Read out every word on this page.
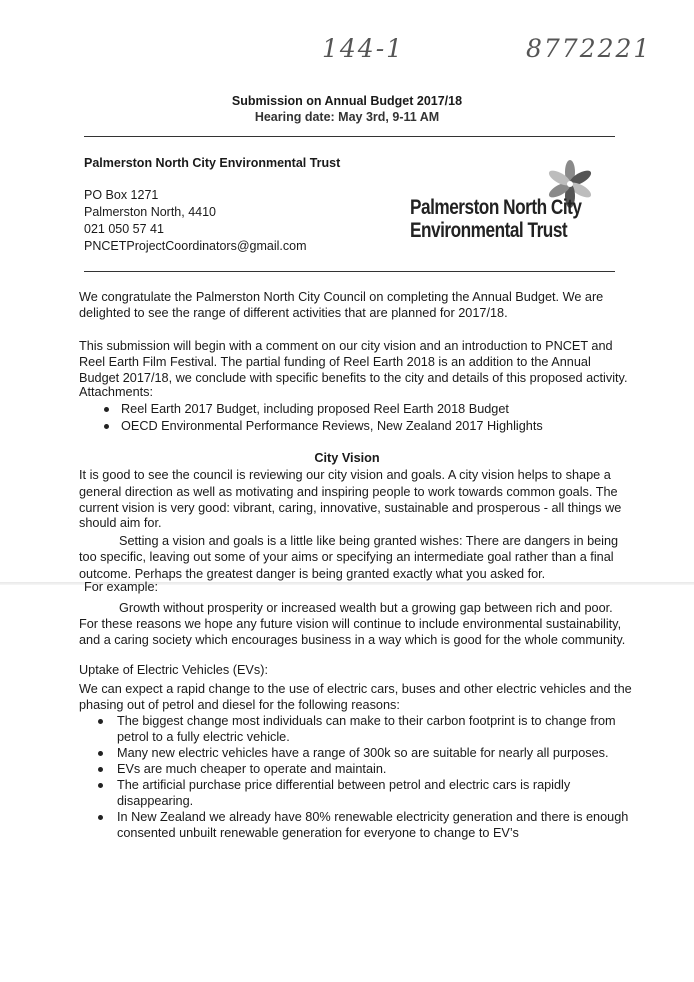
144-1	8772221
Submission on Annual Budget 2017/18
Hearing date: May 3rd, 9-11 AM
Palmerston North City Environmental Trust
PO Box 1271
Palmerston North, 4410
021 050 57 41
PNCETProjectCoordinators@gmail.com
Palmerston North City
Environmental Trust
We congratulate the Palmerston North City Council on completing the Annual Budget. We are
delighted to see the range of different activities that are planned for 2017/18.
This submission will begin with a comment on our city vision and an introduction to PNCET and
Reel Earth Film Festival. The partial funding of Reel Earth 2018 is an addition to the Annual
Budget 2017/18, we conclude with specific benefits to the city and details of this proposed activity.
Attachments:
Reel Earth 2017 Budget, including proposed Reel Earth 2018 Budget
OECD Environmental Performance Reviews, New Zealand 2017 Highlights
City Vision
It is good to see the council is reviewing our city vision and goals. A city vision helps to shape a
general direction as well as motivating and inspiring people to work towards common goals. The
current vision is very good: vibrant, caring, innovative, sustainable and prosperous - all things we
should aim for.
Setting a vision and goals is a little like being granted wishes: There are dangers in being
too specific, leaving out some of your aims or specifying an intermediate goal rather than a final
outcome. Perhaps the greatest danger is being granted exactly what you asked for.
For example:
Growth without prosperity or increased wealth but a growing gap between rich and poor.
For these reasons we hope any future vision will continue to include environmental sustainability,
and a caring society which encourages business in a way which is good for the whole community.
Uptake of Electric Vehicles (EVs):
We can expect a rapid change to the use of electric cars, buses and other electric vehicles and the
phasing out of petrol and diesel for the following reasons:
The biggest change most individuals can make to their carbon footprint is to change from
petrol to a fully electric vehicle.
Many new electric vehicles have a range of 300k so are suitable for nearly all purposes.
EVs are much cheaper to operate and maintain.
The artificial purchase price differential between petrol and electric cars is rapidly
disappearing.
In New Zealand we already have 80% renewable electricity generation and there is enough
consented unbuilt renewable generation for everyone to change to EV’s
